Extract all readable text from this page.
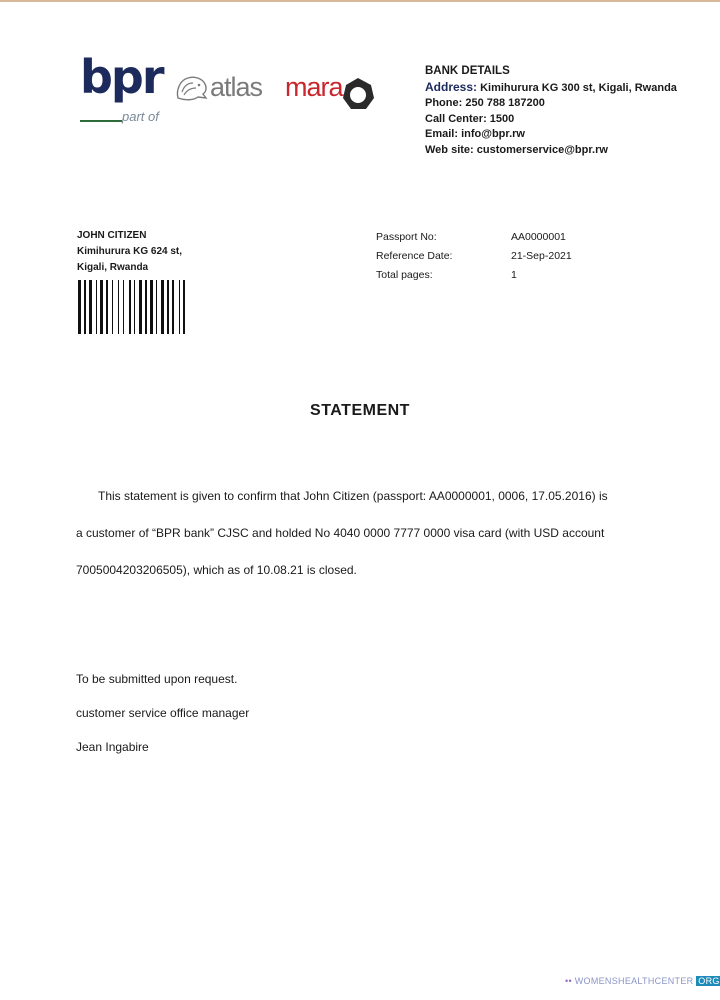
bpr
part of
atlas mara
BANK DETAILS
Address: Kimihurura KG 300 st, Kigali, Rwanda
Phone: 250 788 187200
Call Center: 1500
Email: info@bpr.rw
Web site: customerservice@bpr.rw
JOHN CITIZEN
Kimihurura KG 624 st,
Kigali, Rwanda
Passport No:	AA0000001
Reference Date:	21-Sep-2021
Total pages:	1
STATEMENT
This statement is given to confirm that John Citizen (passport: AA0000001, 0006, 17.05.2016) is
a customer of “BPR bank” CJSC and holded No 4040 0000 7777 0000 visa card (with USD account
7005004203206505), which as of 10.08.21 is closed.
To be submitted upon request.
customer service office manager
Jean Ingabire
•• WOMENSHEALTHCENTER ORG
